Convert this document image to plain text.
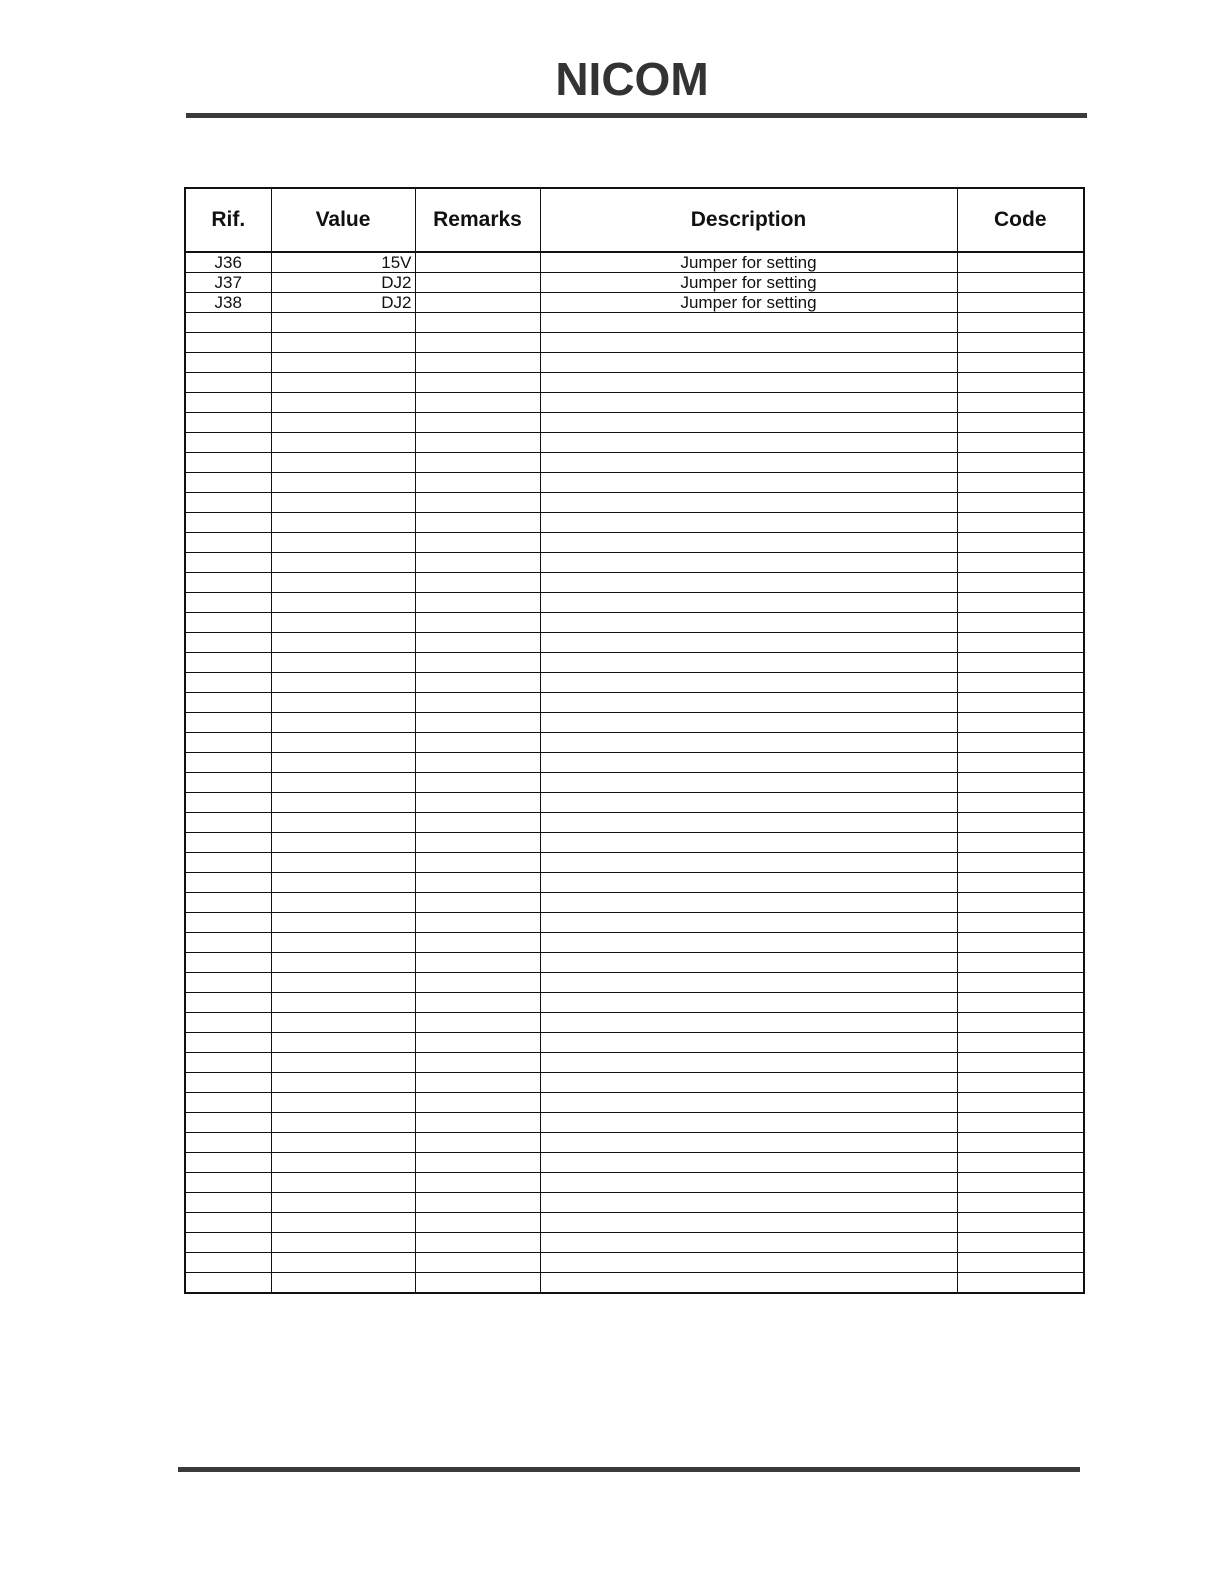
NICOM
Rif.	Value	Remarks	Description	Code
J36	15V		Jumper for setting	
J37	DJ2		Jumper for setting	
J38	DJ2		Jumper for setting	
